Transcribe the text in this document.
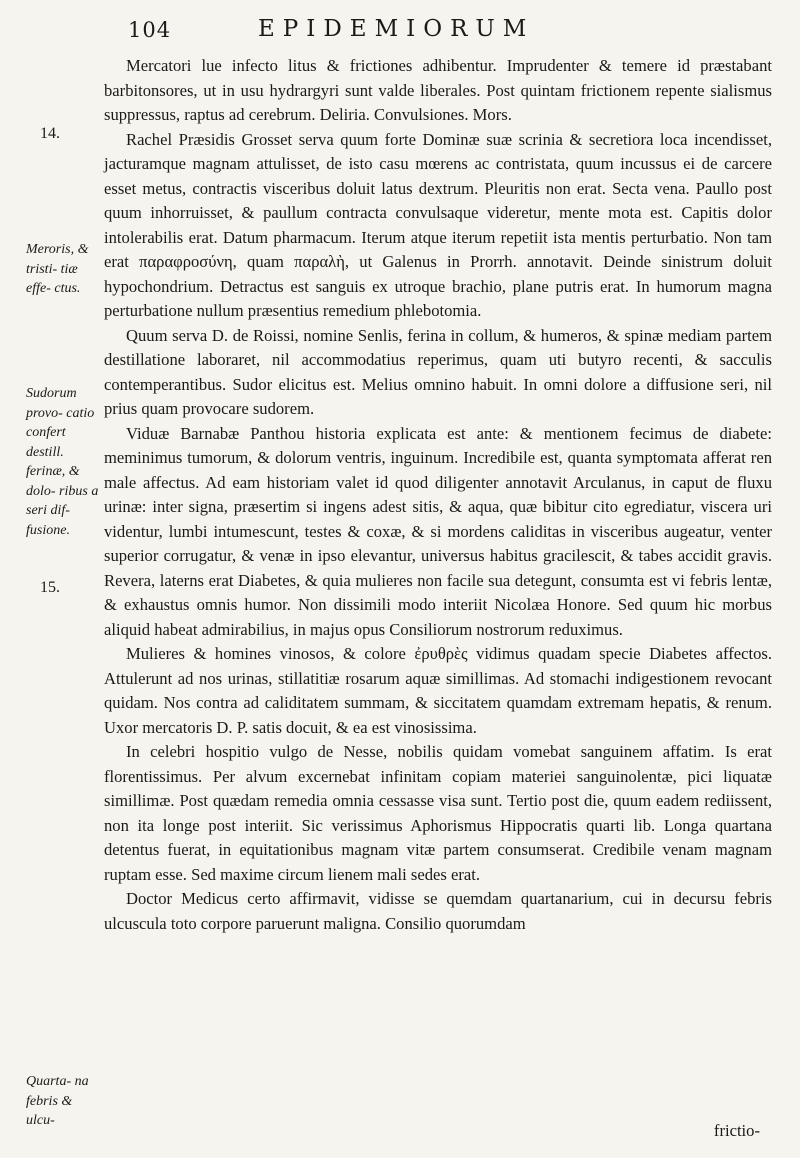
104	EPIDEMIORUM
14.
Meroris, & tristi- tiæ effe- ctus.
Sudorum provo- catio confert destill. ferinæ, & dolo- ribus a seri dif- fusione.
15.
Quarta- na febris & ulcu-

Mercatori lue infecto litus & frictiones adhibentur. Imprudenter & temere id præstabant barbitonsores, ut in usu hydrargyri sunt valde liberales. Post quintam frictionem repente sialismus suppressus, raptus ad cerebrum. Deliria. Convulsiones. Mors.

Rachel Præsidis Grosset serva quum forte Dominæ suæ scrinia & secretiora loca incendisset, jacturamque magnam attulisset, de isto casu mœrens ac contristata, quum incussus ei de carcere esset metus, contractis visceribus doluit latus dextrum. Pleuritis non erat. Secta vena. Paullo post quum inhorruisset, & paullum contracta convulsaque videretur, mente mota est. Capitis dolor intolerabilis erat. Datum pharmacum. Iterum atque iterum repetiit ista mentis perturbatio. Non tam erat παραφροσύνη, quam παραλὴ, ut Galenus in Prorrh. annotavit. Deinde sinistrum doluit hypochondrium. Detractus est sanguis ex utroque brachio, plane putris erat. In humorum magna perturbatione nullum præsentius remedium phlebotomia.

Quum serva D. de Roissi, nomine Senlis, ferina in collum, & humeros, & spinæ mediam partem destillatione laboraret, nil accommodatius reperimus, quam uti butyro recenti, & sacculis contemperantibus. Sudor elicitus est. Melius omnino habuit. In omni dolore a diffusione seri, nil prius quam provocare sudorem.

Viduæ Barnabæ Panthou historia explicata est ante: & mentionem fecimus de diabete: meminimus tumorum, & dolorum ventris, inguinum. Incredibile est, quanta symptomata afferat ren male affectus. Ad eam historiam valet id quod diligenter annotavit Arculanus, in caput de fluxu urinæ: inter signa, præsertim si ingens adest sitis, & aqua, quæ bibitur cito egrediatur, viscera uri videntur, lumbi intumescunt, testes & coxæ, & si mordens caliditas in visceribus augeatur, venter superior corrugatur, & venæ in ipso elevantur, universus habitus gracilescit, & tabes accidit gravis. Revera, laterns erat Diabetes, & quia mulieres non facile sua detegunt, consumta est vi febris lentæ, & exhaustus omnis humor. Non dissimili modo interiit Nicolæa Honore. Sed quum hic morbus aliquid habeat admirabilius, in majus opus Consiliorum nostrorum reduximus.

Mulieres & homines vinosos, & colore ἐρυθρὲς vidimus quadam specie Diabetes affectos. Attulerunt ad nos urinas, stillatitiæ rosarum aquæ simillimas. Ad stomachi indigestionem revocant quidam. Nos contra ad caliditatem summam, & siccitatem quamdam extremam hepatis, & renum. Uxor mercatoris D. P. satis docuit, & ea est vinosissima.

In celebri hospitio vulgo de Nesse, nobilis quidam vomebat sanguinem affatim. Is erat florentissimus. Per alvum excernebat infinitam copiam materiei sanguinolentæ, pici liquatæ simillimæ. Post quædam remedia omnia cessasse visa sunt. Tertio post die, quum eadem rediissent, non ita longe post interiit. Sic verissimus Aphorismus Hippocratis quarti lib. Longa quartana detentus fuerat, in equitationibus magnam vitæ partem consumserat. Credibile venam magnam ruptam esse. Sed maxime circum lienem mali sedes erat.

Doctor Medicus certo affirmavit, vidisse se quemdam quartanarium, cui in decursu febris ulcuscula toto corpore paruerunt maligna. Consilio quorumdam

frictio-
